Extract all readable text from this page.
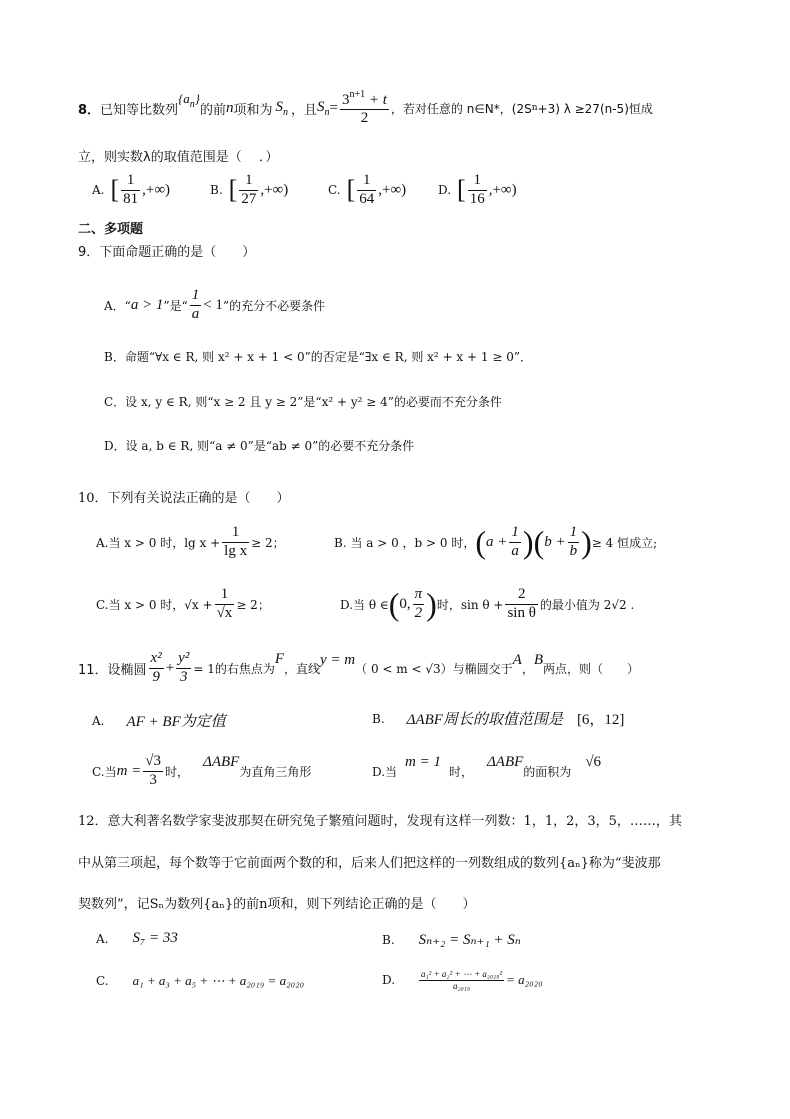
8． 已知等比数列
$\{a_n\}$
的前 n 项和为 $S_n$ ，且 $S_n = \frac{3^{n+1} + t}{2}$ ，若对任意的 n∈N*，(2S n +3) λ ≥27(n-5)恒成
立，则实数λ的取值范围是（　 ．）
A. [ $\frac{1}{81}$ ,+∞)	B. [ $\frac{1}{27}$ ,+∞)	C. [ $\frac{1}{64}$ ,+∞)	D. [ $\frac{1}{16}$ ,+∞)
二、多项题
9．下面命题正确的是（　　）
A．“ a > 1 ”是“ $\frac{1}{a} < 1$ ”的充分不必要条件
B．命题“∀x ∈ R, 则 x² + x + 1 < 0”的否定是“∃x ∈ R, 则 x² + x + 1 ≥ 0”．
C．设 x, y ∈ R, 则“x ≥ 2 且 y ≥ 2”是“x² + y² ≥ 4”的必要而不充分条件
D．设 a, b ∈ R, 则“a ≠ 0”是“ab ≠ 0”的必要不充分条件
10．下列有关说法正确的是（　　）
A.当 x > 0 时，$\lg x + \frac{1}{\text{lg x}} \ge 2$；	B. 当 a > 0 ，b > 0 时， ( $a + \frac{1}{a}$ ) ( $b + \frac{1}{b}$ ) ≥ 4 恒成立;
C.当 x > 0 时，$√x + \frac{1}{√x} \ge 2$；	D.当 θ ∈ ( 0, $\frac{\pi}{2}$ ) 时，$\sin \theta + \frac{2}{\text{sin θ}}$ 的最小值为 2√2 .
11．设椭圆 $\frac{\text{x²}}{9} + \frac{\text{y²}}{3} = 1$的右焦点为
F
，直线
y = m
（ 0 < m < √3）与椭圆交于
A
，
B
两点，则（　　）
A. AF + BF为定值	B. ΔABF周长的取值范围是 [6，12]
C.当 $m = \frac{√3}{3}$ 时，
ΔABF
为直角三角形	D.当
m = 1
时，
ΔABF
的面积为
√6
12．意大利著名数学家斐波那契在研究兔子繁殖问题时，发现有这样一列数：1，1，2，3，5，……，其
中从第三项起，每个数等于它前面两个数的和，后来人们把这样的一列数组成的数列{aₙ}称为“斐波那
契数列”，记Sₙ为数列{aₙ}的前n项和，则下列结论正确的是（　　）
A. S₇ = 33	B. Sₙ₊₂ = Sₙ₊₁ + Sₙ
C. a₁ + a₃ + a₅ + ⋯ + a₂₀₁₉ = a₂₀₂₀	D.	$\frac{\text{a₁² + a₂² + ⋯ + a₂₀₁₉²}}{\text{a₂₀₁₉}} = a_{2020}$
